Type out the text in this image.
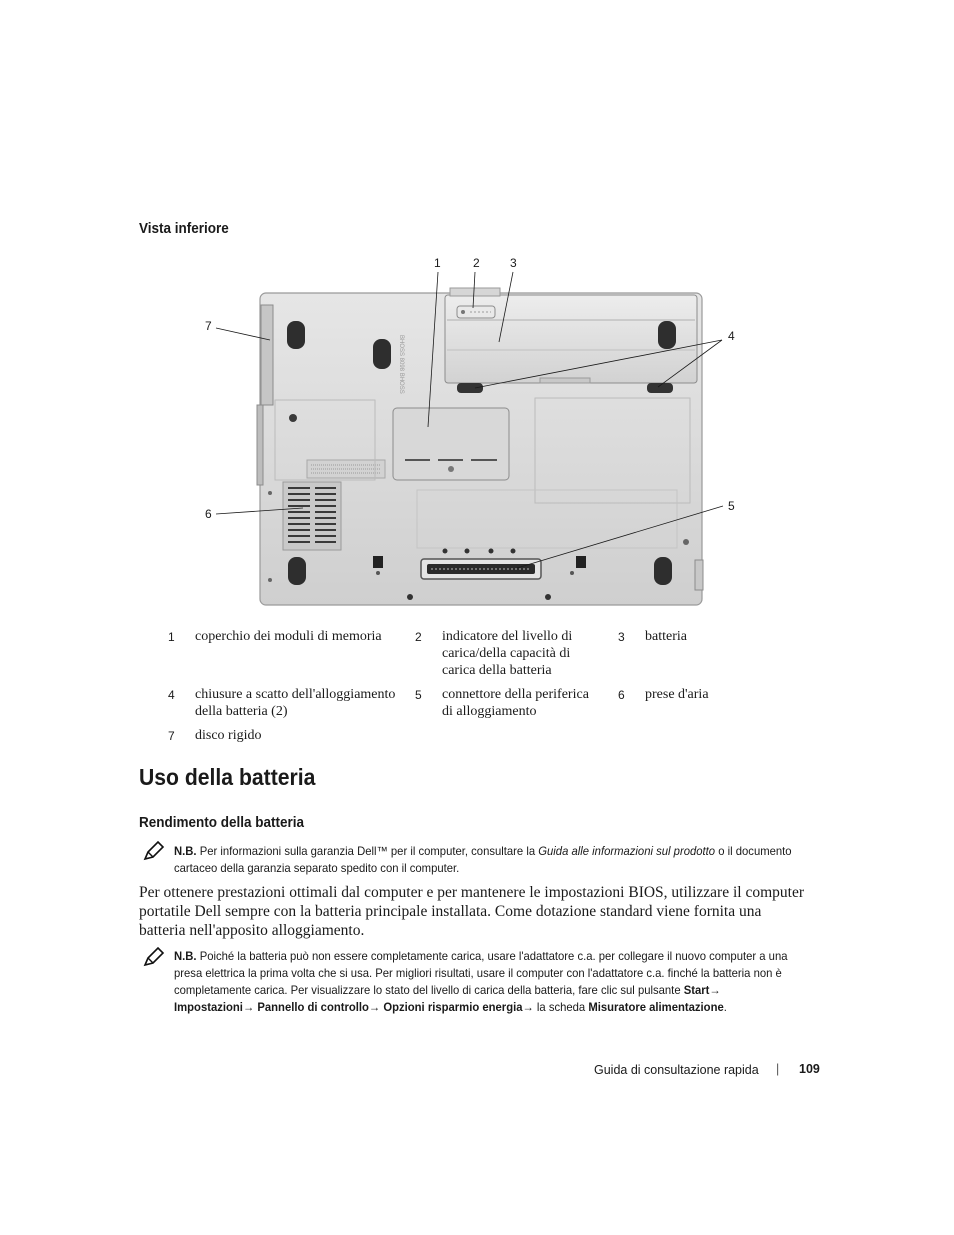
Vista inferiore
BHOSS 8098 BHOSS
1	2	3
4
5
6
7
1	coperchio dei moduli di memoria	2	indicatore del livello di carica/della capacità di carica della batteria	3	batteria
4	chiusure a scatto dell'alloggiamento della batteria (2)	5	connettore della periferica di alloggiamento	6	prese d'aria
7	disco rigido				
Uso della batteria
Rendimento della batteria
N.B. Per informazioni sulla garanzia Dell™ per il computer, consultare la Guida alle informazioni sul prodotto o il documento cartaceo della garanzia separato spedito con il computer.
Per ottenere prestazioni ottimali dal computer e per mantenere le impostazioni BIOS, utilizzare il computer portatile Dell sempre con la batteria principale installata. Come dotazione standard viene fornita una batteria nell'apposito alloggiamento.
N.B. Poiché la batteria può non essere completamente carica, usare l'adattatore c.a. per collegare il nuovo computer a una presa elettrica la prima volta che si usa. Per migliori risultati, usare il computer con l'adattatore c.a. finché la batteria non è completamente carica. Per visualizzare lo stato del livello di carica della batteria, fare clic sul pulsante Start→ Impostazioni→ Pannello di controllo→ Opzioni risparmio energia→ la scheda Misuratore alimentazione.
Guida di consultazione rapida | 109
